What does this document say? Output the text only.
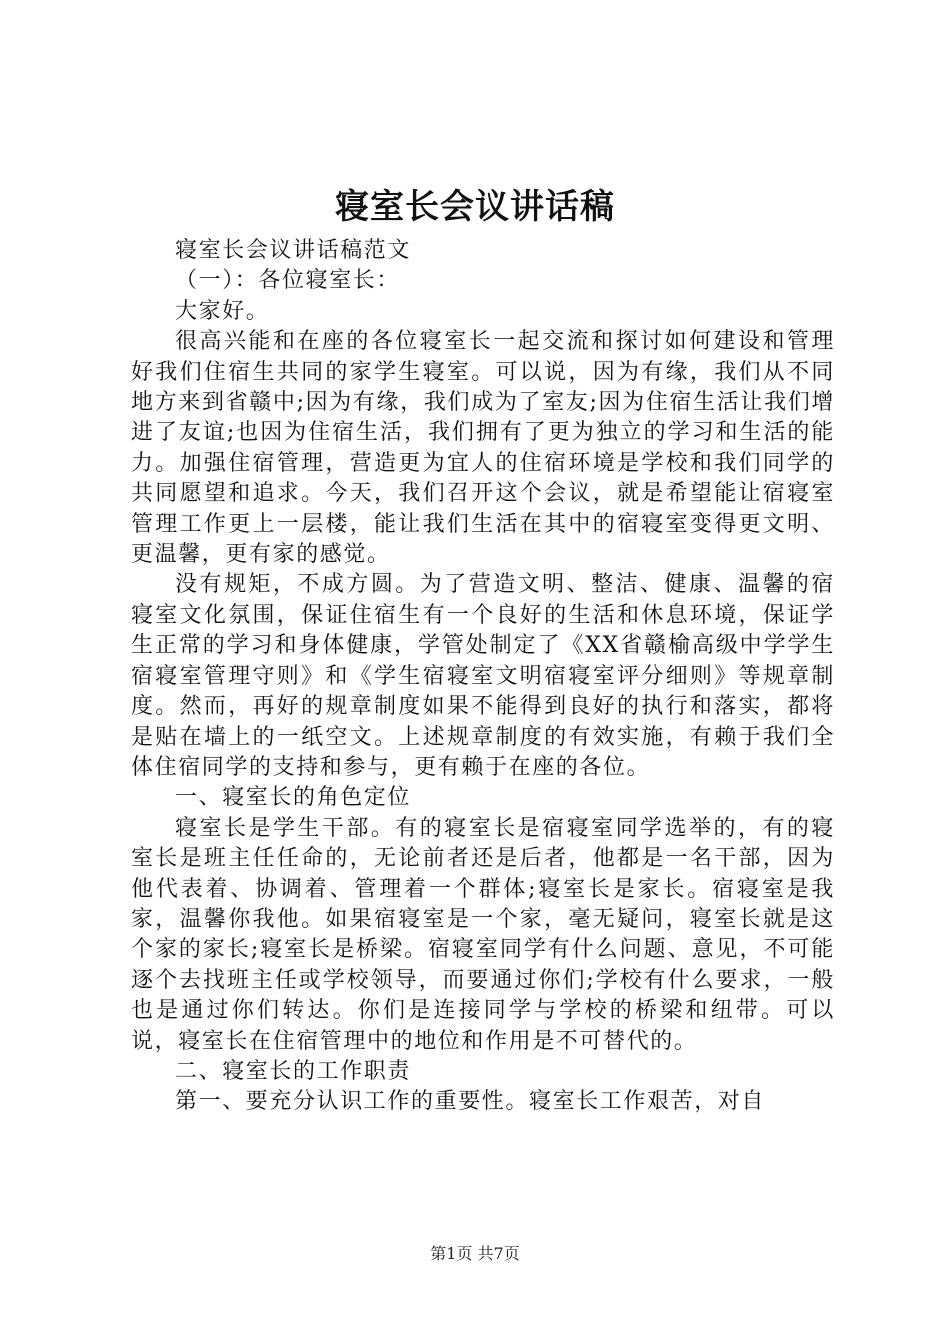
寝室长会议讲话稿

寝室长会议讲话稿范文

（一）：各位寝室长：

大家好。

很高兴能和在座的各位寝室长一起交流和探讨如何建设和管理好我们住宿生共同的家学生寝室。可以说，因为有缘，我们从不同地方来到省赣中;因为有缘，我们成为了室友;因为住宿生活让我们增进了友谊;也因为住宿生活，我们拥有了更为独立的学习和生活的能力。加强住宿管理，营造更为宜人的住宿环境是学校和我们同学的共同愿望和追求。今天，我们召开这个会议，就是希望能让宿寝室管理工作更上一层楼，能让我们生活在其中的宿寝室变得更文明、更温馨，更有家的感觉。

没有规矩，不成方圆。为了营造文明、整洁、健康、温馨的宿寝室文化氛围，保证住宿生有一个良好的生活和休息环境，保证学生正常的学习和身体健康，学管处制定了《XX省赣榆高级中学学生宿寝室管理守则》和《学生宿寝室文明宿寝室评分细则》等规章制度。然而，再好的规章制度如果不能得到良好的执行和落实，都将是贴在墙上的一纸空文。上述规章制度的有效实施，有赖于我们全体住宿同学的支持和参与，更有赖于在座的各位。

一、寝室长的角色定位

寝室长是学生干部。有的寝室长是宿寝室同学选举的，有的寝室长是班主任任命的，无论前者还是后者，他都是一名干部，因为他代表着、协调着、管理着一个群体;寝室长是家长。宿寝室是我家，温馨你我他。如果宿寝室是一个家，毫无疑问，寝室长就是这个家的家长;寝室长是桥梁。宿寝室同学有什么问题、意见，不可能逐个去找班主任或学校领导，而要通过你们;学校有什么要求，一般也是通过你们转达。你们是连接同学与学校的桥梁和纽带。可以说，寝室长在住宿管理中的地位和作用是不可替代的。

二、寝室长的工作职责

第一、要充分认识工作的重要性。寝室长工作艰苦，对自

第1页 共7页
